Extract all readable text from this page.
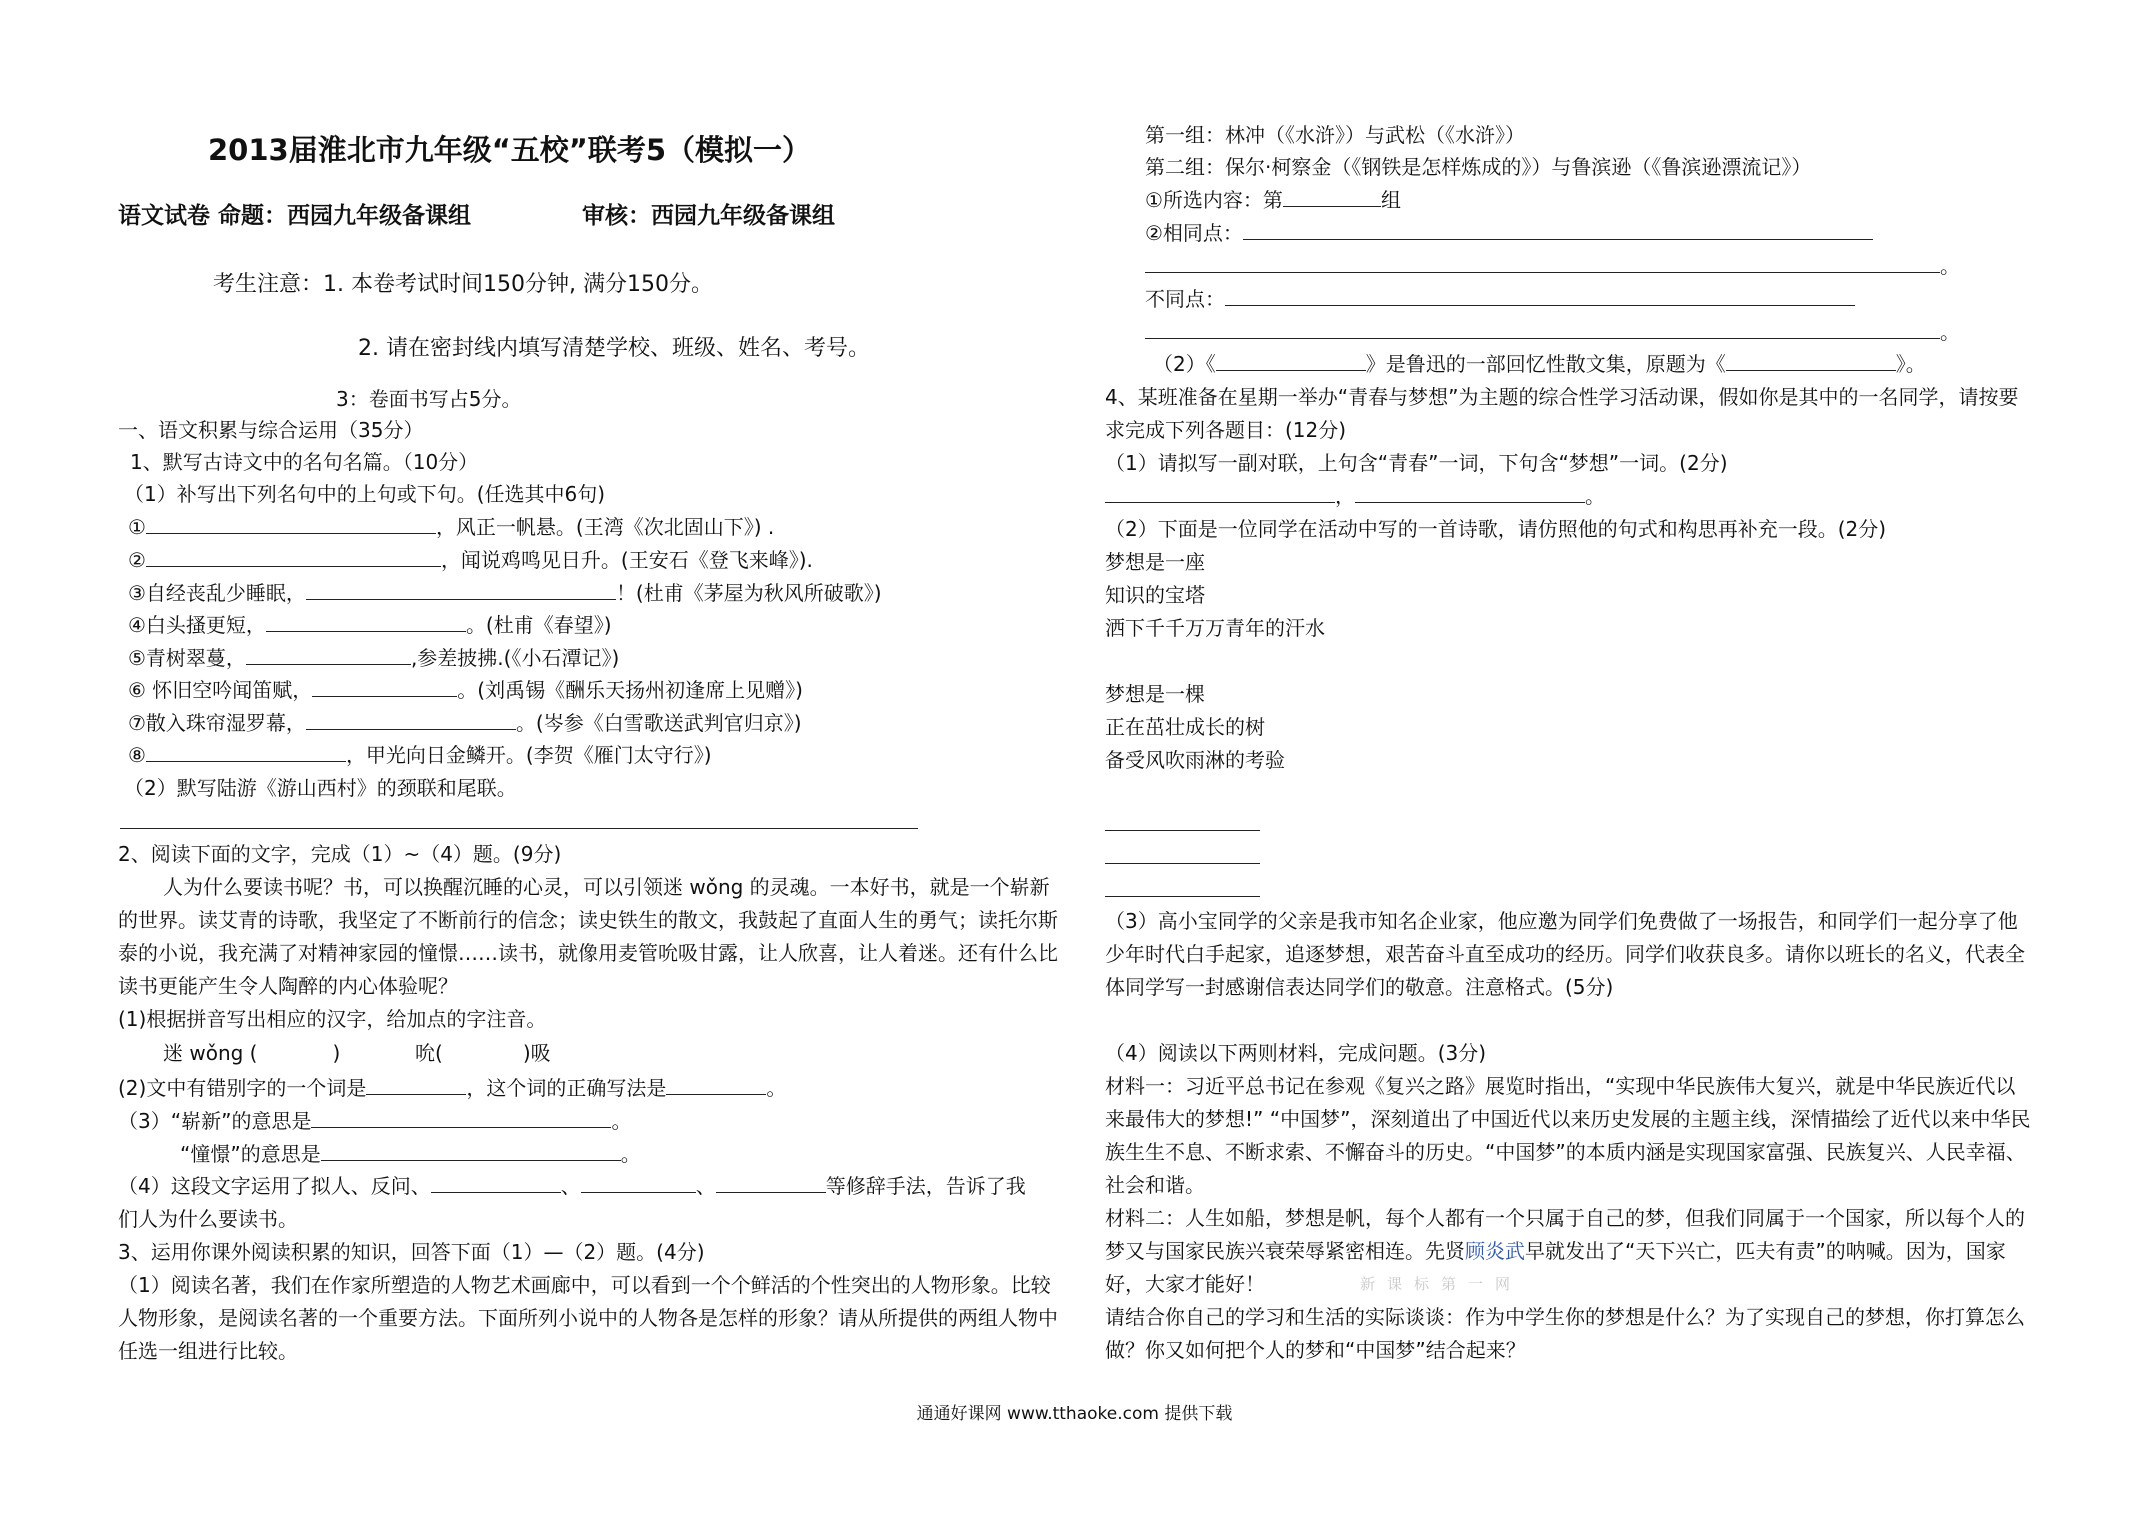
2013届淮北市九年级“五校”联考5（模拟一）
语文试卷 命题：西园九年级备课组	审核：西园九年级备课组
考生注意：1. 本卷考试时间150分钟, 满分150分。
2. 请在密封线内填写清楚学校、班级、姓名、考号。
3：卷面书写占5分。
一、语文积累与综合运用（35分）
1、默写古诗文中的名句名篇。（10分）
（1）补写出下列名句中的上句或下句。(任选其中6句)
①	，风正一帆悬。(王湾《次北固山下》) .
②	，闻说鸡鸣见日升。(王安石《登飞来峰》).
③自经丧乱少睡眠，	！(杜甫《茅屋为秋风所破歌》)
④白头搔更短，	。(杜甫《春望》)
⑤青树翠蔓，	,参差披拂.(《小石潭记》)
⑥ 怀旧空吟闻笛赋，	。(刘禹锡《酬乐天扬州初逢席上见赠》)
⑦散入珠帘湿罗幕，	。(岑参《白雪歌送武判官归京》)
⑧	，甲光向日金鳞开。(李贺《雁门太守行》)
（2）默写陆游《游山西村》的颈联和尾联。
2、阅读下面的文字，完成（1）~（4）题。(9分)
人为什么要读书呢？书，可以换醒沉睡的心灵，可以引领迷 wǒng 的灵魂。一本好书，就是一个崭新的世界。读艾青的诗歌，我坚定了不断前行的信念；读史铁生的散文，我鼓起了直面人生的勇气；读托尔斯泰的小说，我充满了对精神家园的憧憬……读书，就像用麦管吮吸甘露，让人欣喜，让人着迷。还有什么比读书更能产生令人陶醉的内心体验呢？
(1)根据拼音写出相应的汉字，给加点的字注音。
迷 wǒng (	)	吮(	)吸
(2)文中有错别字的一个词是	，这个词的正确写法是	。
（3）“崭新”的意思是	。
“憧憬”的意思是	。
（4）这段文字运用了拟人、反问、	、	、	等修辞手法，告诉了我
们人为什么要读书。
3、运用你课外阅读积累的知识，回答下面（1）—（2）题。(4分)
（1）阅读名著，我们在作家所塑造的人物艺术画廊中，可以看到一个个鲜活的个性突出的人物形象。比较人物形象，是阅读名著的一个重要方法。下面所列小说中的人物各是怎样的形象？请从所提供的两组人物中任选一组进行比较。
第一组：林冲（《水浒》）与武松（《水浒》）
第二组：保尔·柯察金（《钢铁是怎样炼成的》）与鲁滨逊（《鲁滨逊漂流记》）
①所选内容：第	组
②相同点：
。
不同点：
。
（2）《	》是鲁迅的一部回忆性散文集，原题为《	》。
4、某班准备在星期一举办“青春与梦想”为主题的综合性学习活动课，假如你是其中的一名同学，请按要求完成下列各题目：(12分)
（1）请拟写一副对联，上句含“青春”一词，下句含“梦想”一词。(2分)
，	。
（2）下面是一位同学在活动中写的一首诗歌，请仿照他的句式和构思再补充一段。(2分)
梦想是一座
知识的宝塔
洒下千千万万青年的汗水
梦想是一棵
正在茁壮成长的树
备受风吹雨淋的考验
（3）高小宝同学的父亲是我市知名企业家，他应邀为同学们免费做了一场报告，和同学们一起分享了他少年时代白手起家，追逐梦想，艰苦奋斗直至成功的经历。同学们收获良多。请你以班长的名义，代表全体同学写一封感谢信表达同学们的敬意。注意格式。(5分)
（4）阅读以下两则材料，完成问题。(3分)
材料一：习近平总书记在参观《复兴之路》展览时指出，“实现中华民族伟大复兴，就是中华民族近代以来最伟大的梦想!” “中国梦”，深刻道出了中国近代以来历史发展的主题主线，深情描绘了近代以来中华民族生生不息、不断求索、不懈奋斗的历史。“中国梦”的本质内涵是实现国家富强、民族复兴、人民幸福、社会和谐。
材料二：人生如船，梦想是帆，每个人都有一个只属于自己的梦，但我们同属于一个国家，所以每个人的梦又与国家民族兴衰荣辱紧密相连。先贤顾炎武早就发出了“天下兴亡，匹夫有责”的呐喊。因为，国家好，大家才能好！	新课标第一网
请结合你自己的学习和生活的实际谈谈：作为中学生你的梦想是什么？为了实现自己的梦想，你打算怎么做？你又如何把个人的梦和“中国梦”结合起来？
通通好课网 www.tthaoke.com 提供下载
